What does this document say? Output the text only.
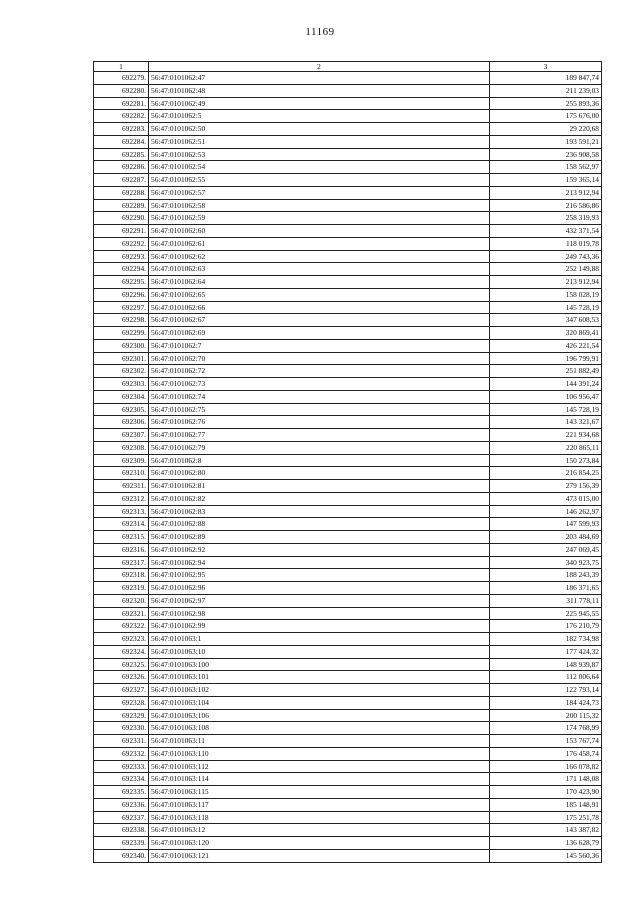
11169
1	2	3
692279.	56:47:0101062:47	189 847,74
692280.	56:47:0101062:48	211 239,03
692281.	56:47:0101062:49	255 893,36
692282.	56:47:0101062:5	175 676,00
692283.	56:47:0101062:50	29 220,68
692284.	56:47:0101062:51	193 591,21
692285.	56:47:0101062:53	236 908,58
692286.	56:47:0101062:54	158 562,97
692287.	56:47:0101062:55	159 365,14
692288.	56:47:0101062:57	213 912,94
692289.	56:47:0101062:58	216 586,86
692290.	56:47:0101062:59	258 319,93
692291.	56:47:0101062:60	432 371,54
692292.	56:47:0101062:61	118 019,78
692293.	56:47:0101062:62	249 743,36
692294.	56:47:0101062:63	252 149,88
692295.	56:47:0101062:64	213 912,94
692296.	56:47:0101062:65	158 028,19
692297.	56:47:0101062:66	145 728,19
692298.	56:47:0101062:67	347 608,53
692299.	56:47:0101062:69	320 869,41
692300.	56:47:0101062:7	426 221,54
692301.	56:47:0101062:70	196 799,91
692302.	56:47:0101062:72	251 882,49
692303.	56:47:0101062:73	144 391,24
692304.	56:47:0101062:74	106 956,47
692305.	56:47:0101062:75	145 728,19
692306.	56:47:0101062:76	143 321,67
692307.	56:47:0101062:77	221 934,68
692308.	56:47:0101062:79	220 865,11
692309.	56:47:0101062:8	150 273,84
692310.	56:47:0101062:80	216 854,25
692311.	56:47:0101062:81	279 156,39
692312.	56:47:0101062:82	473 015,00
692313.	56:47:0101062:83	146 262,97
692314.	56:47:0101062:88	147 599,93
692315.	56:47:0101062:89	203 484,69
692316.	56:47:0101062:92	247 069,45
692317.	56:47:0101062:94	340 923,75
692318.	56:47:0101062:95	188 243,39
692319.	56:47:0101062:96	186 371,65
692320.	56:47:0101062:97	311 778,11
692321.	56:47:0101062:98	225 945,55
692322.	56:47:0101062:99	176 210,79
692323.	56:47:0101063:1	182 734,98
692324.	56:47:0101063:10	177 424,32
692325.	56:47:0101063:100	148 939,87
692326.	56:47:0101063:101	112 006,64
692327.	56:47:0101063:102	122 793,14
692328.	56:47:0101063:104	184 424,73
692329.	56:47:0101063:106	200 115,32
692330.	56:47:0101063:108	174 768,99
692331.	56:47:0101063:11	153 767,74
692332.	56:47:0101063:110	176 458,74
692333.	56:47:0101063:112	166 078,82
692334.	56:47:0101063:114	171 148,08
692335.	56:47:0101063:115	170 423,90
692336.	56:47:0101063:117	185 148,91
692337.	56:47:0101063:118	175 251,78
692338.	56:47:0101063:12	143 387,82
692339.	56:47:0101063:120	136 628,79
692340.	56:47:0101063:121	145 560,36
